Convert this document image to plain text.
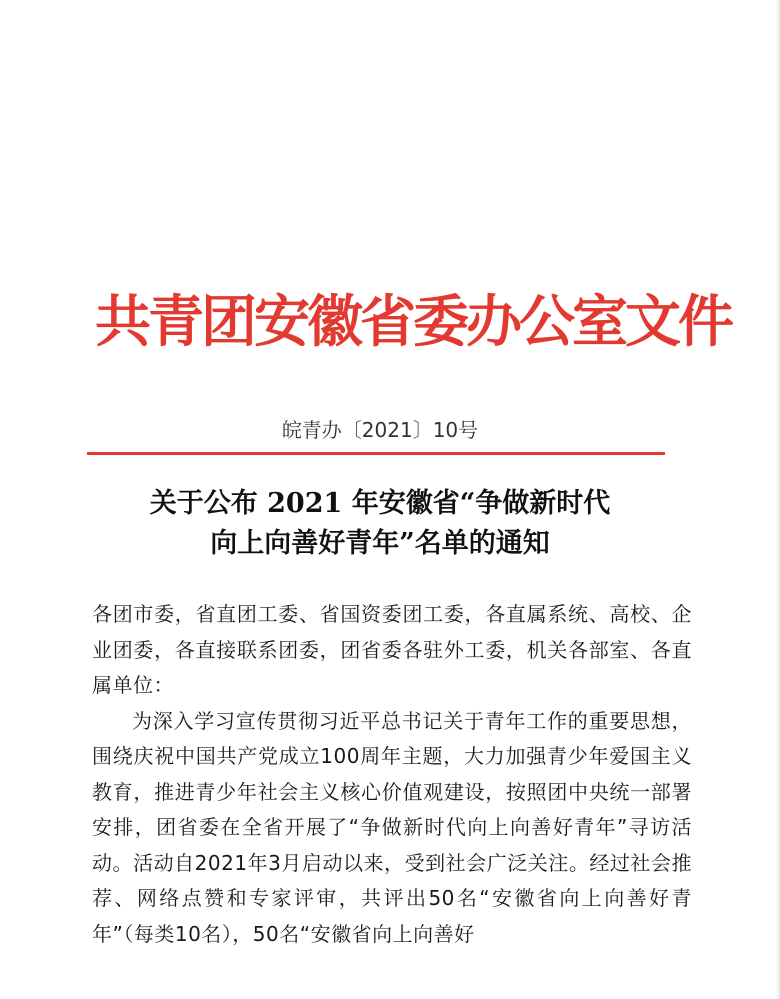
共青团安徽省委办公室文件
皖青办〔2021〕10号
关于公布 2021 年安徽省“争做新时代
向上向善好青年”名单的通知

各团市委，省直团工委、省国资委团工委，各直属系统、高校、企业团委，各直接联系团委，团省委各驻外工委，机关各部室、各直属单位：

为深入学习宣传贯彻习近平总书记关于青年工作的重要思想，围绕庆祝中国共产党成立100周年主题，大力加强青少年爱国主义教育，推进青少年社会主义核心价值观建设，按照团中央统一部署安排，团省委在全省开展了“争做新时代向上向善好青年”寻访活动。活动自2021年3月启动以来，受到社会广泛关注。经过社会推荐、网络点赞和专家评审，共评出50名“安徽省向上向善好青年”（每类10名），50名“安徽省向上向善好
